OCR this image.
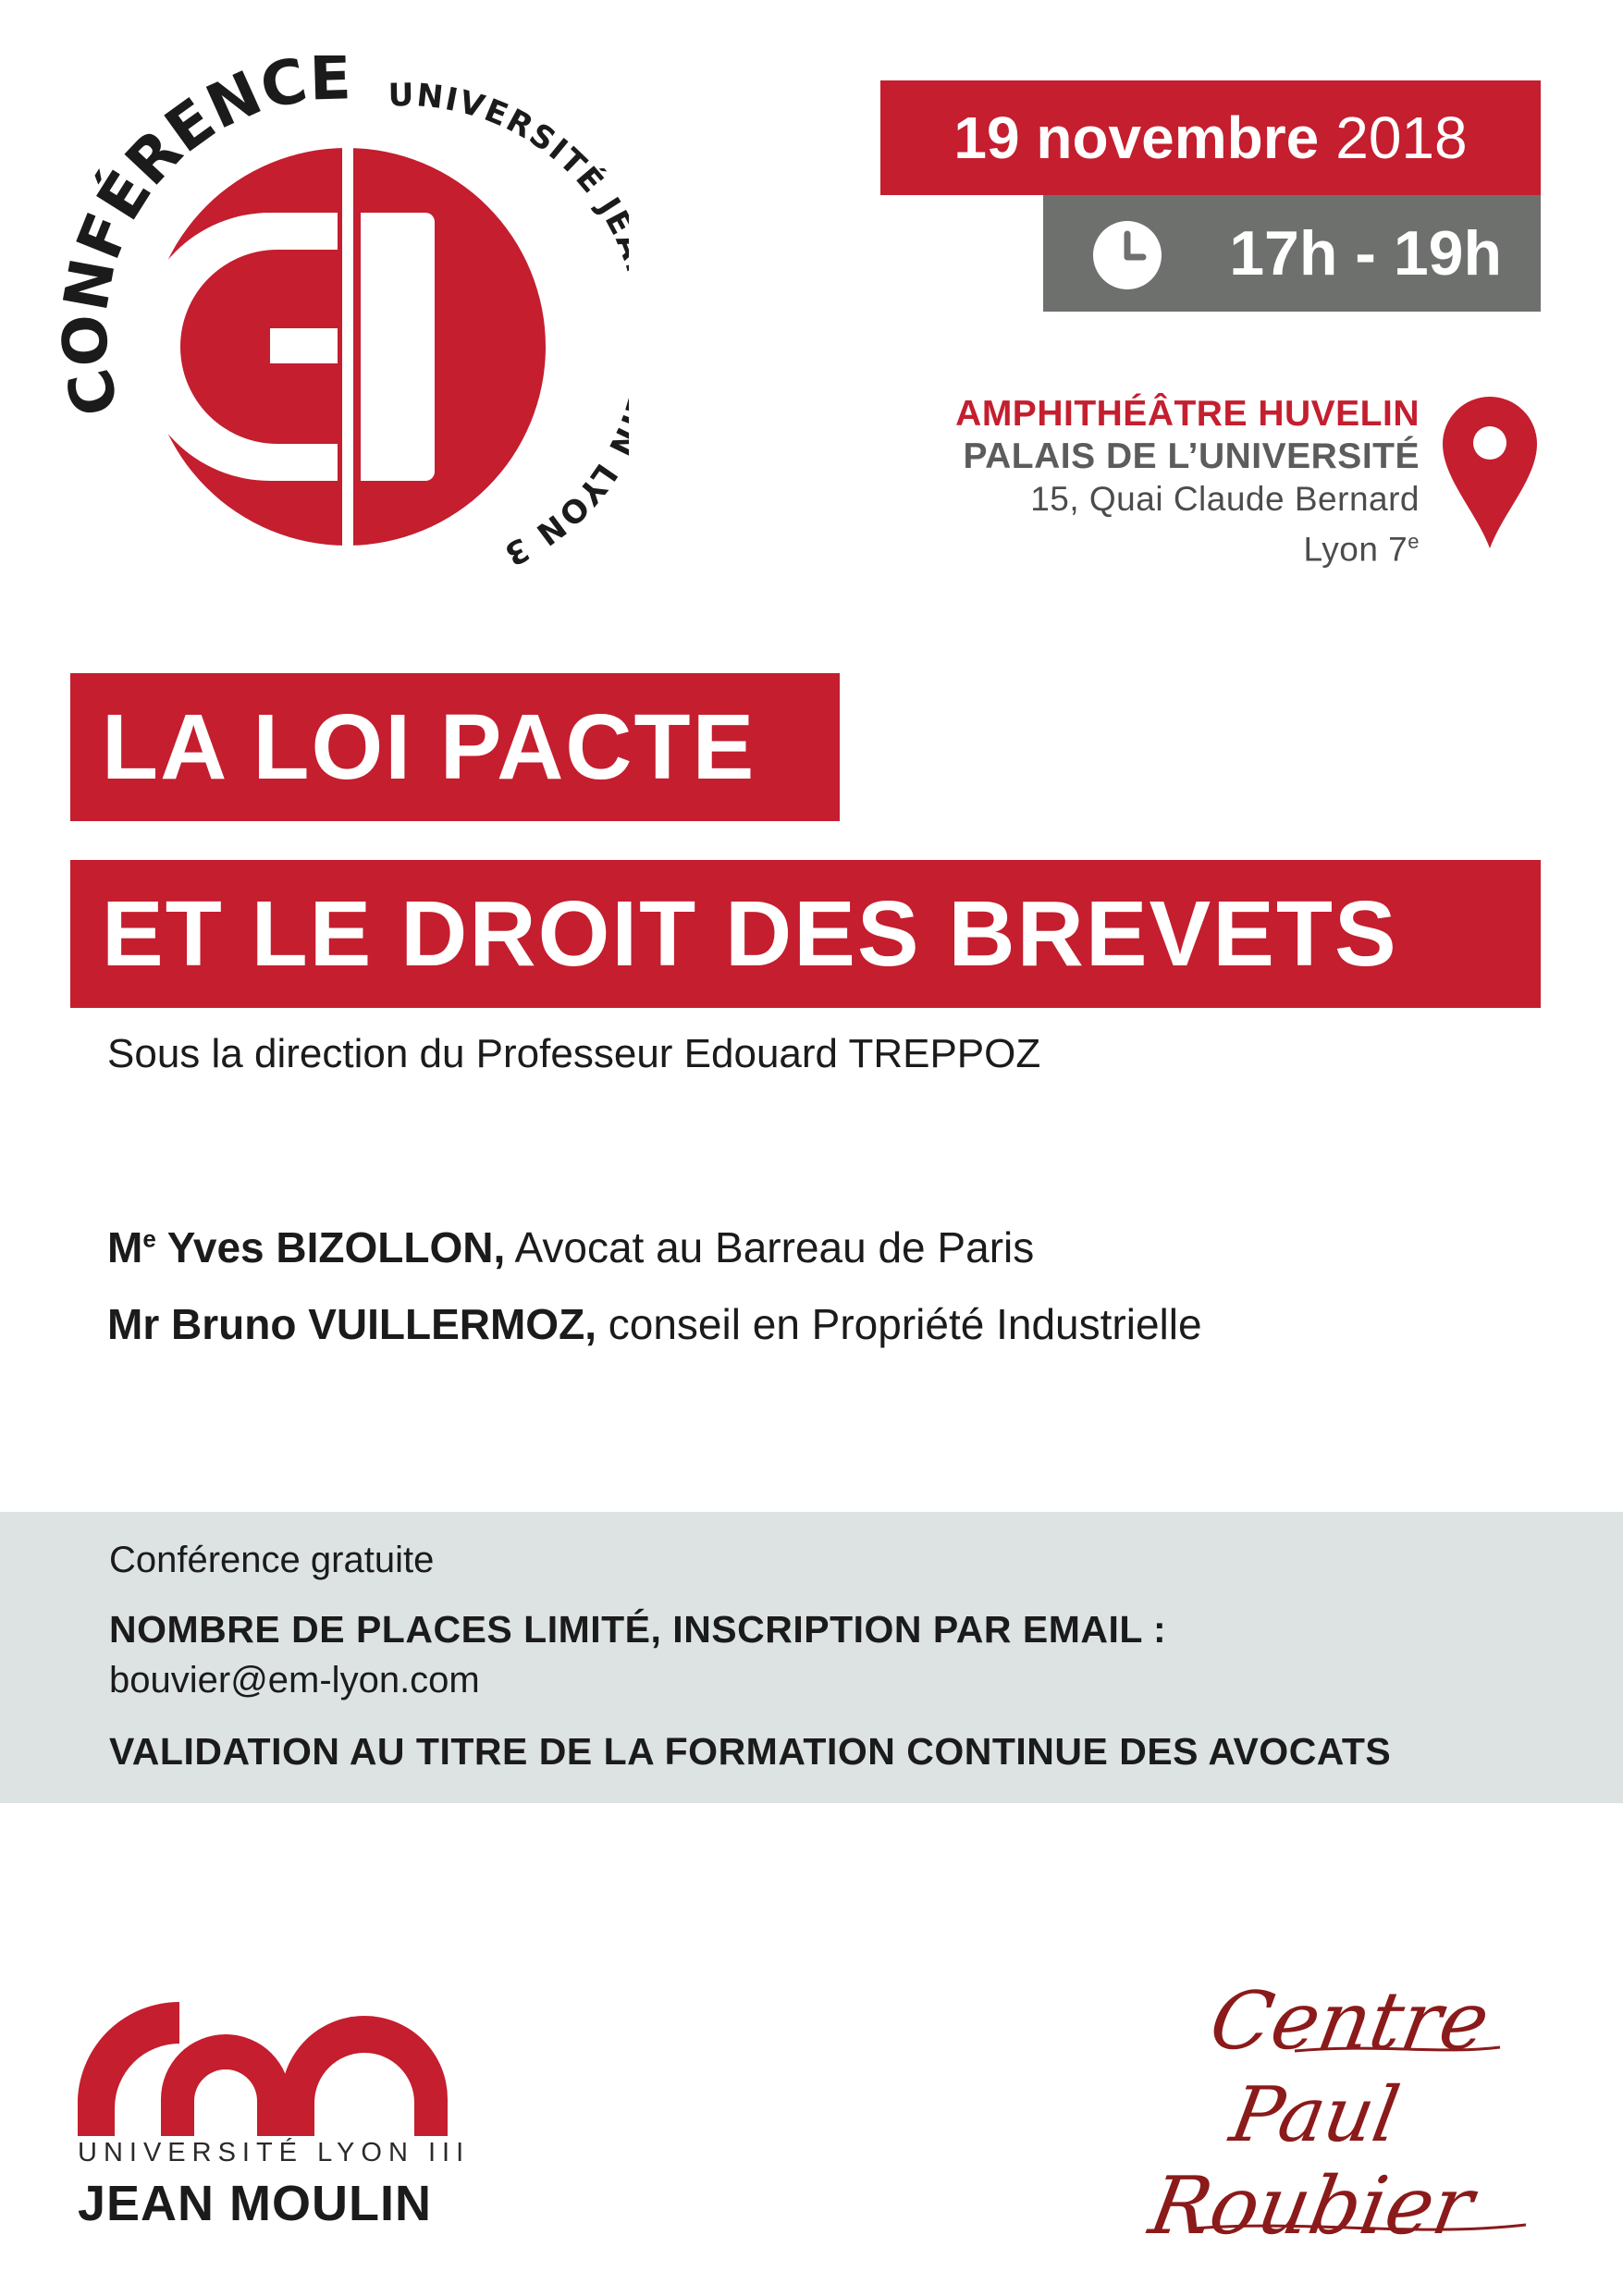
CONFÉRENCE UNIVERSITÉ J LYON 3
19 novembre 2018
17h - 19h
AMPHITHÉÂTRE HUVELIN
PALAIS DE L’UNIVERSITÉ
15, Quai Claude Bernard
Lyon 7e
LA LOI PACTE
ET LE DROIT DES BREVETS
Sous la direction du Professeur Edouard TREPPOZ
Me Yves BIZOLLON, Avocat au Barreau de Paris
Mr Bruno VUILLERMOZ, conseil en Propriété Industrielle
Conférence gratuite
NOMBRE DE PLACES LIMITÉ, INSCRIPTION PAR EMAIL :
bouvier@em-lyon.com
VALIDATION AU TITRE DE LA FORMATION CONTINUE DES AVOCATS
UNIVERSITÉ LYON III
JEAN MOULIN
Centre
Paul
Roubier
